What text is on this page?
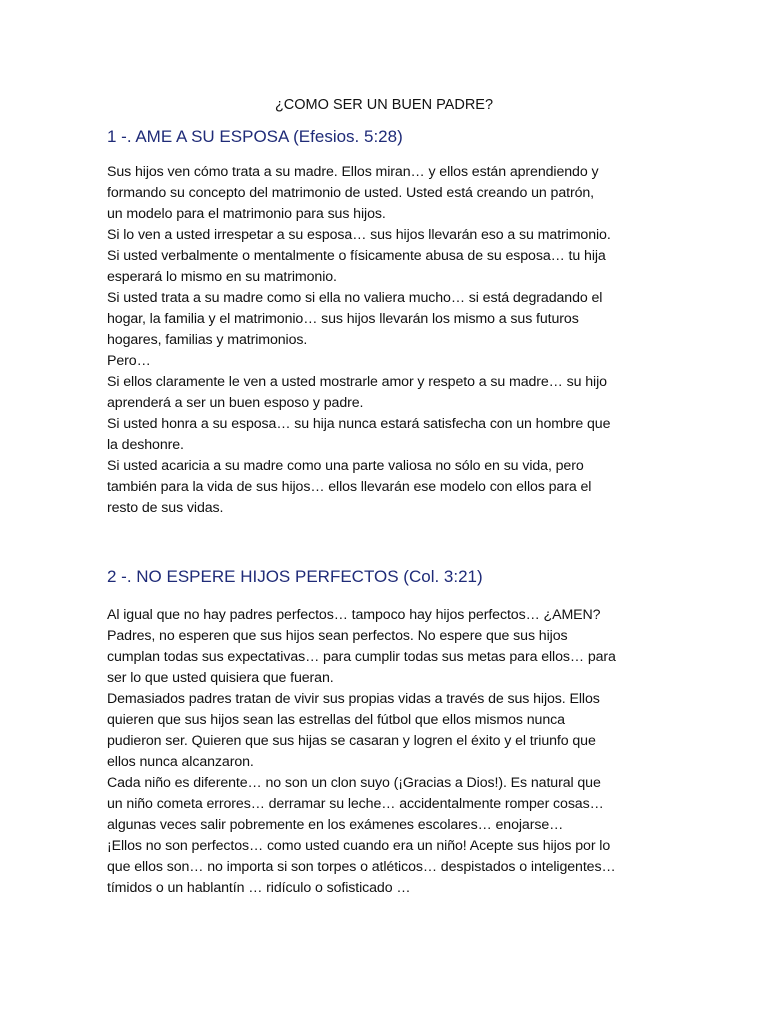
¿COMO SER UN BUEN PADRE?
1 -. AME A SU ESPOSA (Efesios. 5:28)
Sus hijos ven cómo trata a su madre. Ellos miran… y ellos están aprendiendo y
formando su concepto del matrimonio de usted. Usted está creando un patrón,
un modelo para el matrimonio para sus hijos.
Si lo ven a usted irrespetar a su esposa… sus hijos llevarán eso a su matrimonio.
Si usted verbalmente o mentalmente o físicamente abusa de su esposa… tu hija
esperará lo mismo en su matrimonio.
Si usted trata a su madre como si ella no valiera mucho… si está degradando el
hogar, la familia y el matrimonio… sus hijos llevarán los mismo a sus futuros
hogares, familias y matrimonios.
Pero…
Si ellos claramente le ven a usted mostrarle amor y respeto a su madre… su hijo
aprenderá a ser un buen esposo y padre.
Si usted honra a su esposa… su hija nunca estará satisfecha con un hombre que
la deshonre.
Si usted acaricia a su madre como una parte valiosa no sólo en su vida, pero
también para la vida de sus hijos… ellos llevarán ese modelo con ellos para el
resto de sus vidas.
2 -. NO ESPERE HIJOS PERFECTOS (Col. 3:21)
Al igual que no hay padres perfectos… tampoco hay hijos perfectos… ¿AMEN?
Padres, no esperen que sus hijos sean perfectos. No espere que sus hijos
cumplan todas sus expectativas… para cumplir todas sus metas para ellos… para
ser lo que usted quisiera que fueran.
Demasiados padres tratan de vivir sus propias vidas a través de sus hijos. Ellos
quieren que sus hijos sean las estrellas del fútbol que ellos mismos nunca
pudieron ser. Quieren que sus hijas se casaran y logren el éxito y el triunfo que
ellos nunca alcanzaron.
Cada niño es diferente… no son un clon suyo (¡Gracias a Dios!). Es natural que
un niño cometa errores… derramar su leche… accidentalmente romper cosas…
algunas veces salir pobremente en los exámenes escolares… enojarse…
¡Ellos no son perfectos… como usted cuando era un niño! Acepte sus hijos por lo
que ellos son… no importa si son torpes o atléticos… despistados o inteligentes…
tímidos o un hablantín … ridículo o sofisticado …
